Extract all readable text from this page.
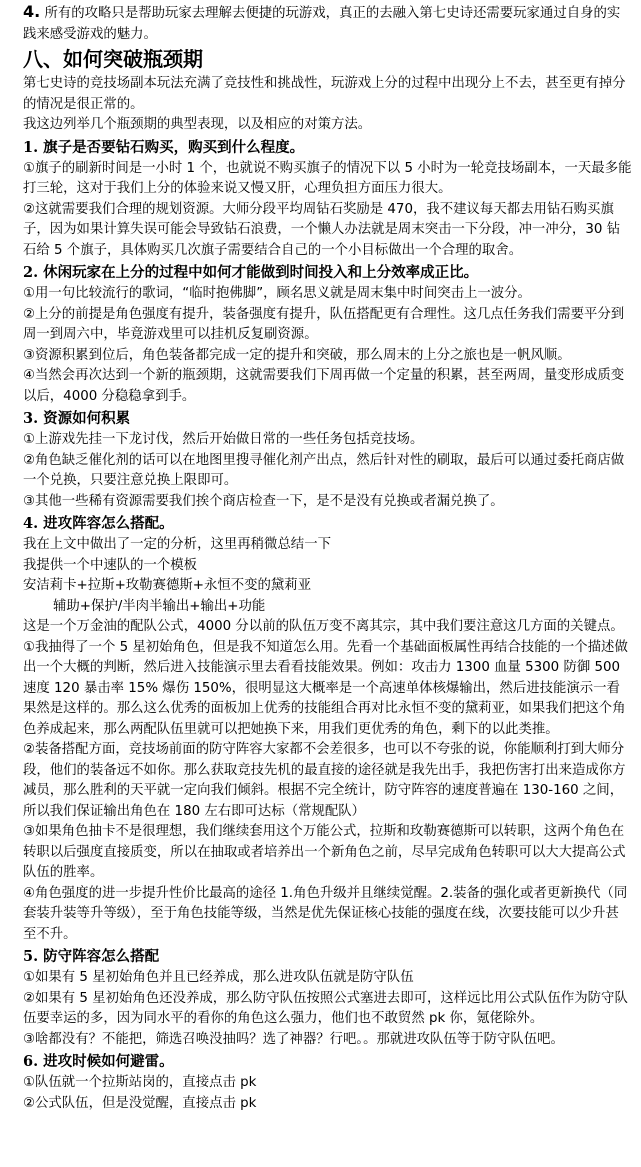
4. 所有的攻略只是帮助玩家去理解去便捷的玩游戏，真正的去融入第七史诗还需要玩家通过自身的实践来感受游戏的魅力。

八、如何突破瓶颈期

第七史诗的竞技场副本玩法充满了竞技性和挑战性，玩游戏上分的过程中出现分上不去，甚至更有掉分的情况是很正常的。

我这边列举几个瓶颈期的典型表现，以及相应的对策方法。

1. 旗子是否要钻石购买，购买到什么程度。

①旗子的刷新时间是一小时 1 个，也就说不购买旗子的情况下以 5 小时为一轮竞技场副本，一天最多能打三轮，这对于我们上分的体验来说又慢又肝，心理负担方面压力很大。

②这就需要我们合理的规划资源。大师分段平均周钻石奖励是 470，我不建议每天都去用钻石购买旗子，因为如果计算失误可能会导致钻石浪费，一个懒人办法就是周末突击一下分段，冲一冲分，30 钻石给 5 个旗子，具体购买几次旗子需要结合自己的一个小目标做出一个合理的取舍。

2. 休闲玩家在上分的过程中如何才能做到时间投入和上分效率成正比。

①用一句比较流行的歌词，“临时抱佛脚”，顾名思义就是周末集中时间突击上一波分。

②上分的前提是角色强度有提升，装备强度有提升，队伍搭配更有合理性。这几点任务我们需要平分到周一到周六中，毕竟游戏里可以挂机反复刷资源。

③资源积累到位后，角色装备都完成一定的提升和突破，那么周末的上分之旅也是一帆风顺。

④当然会再次达到一个新的瓶颈期，这就需要我们下周再做一个定量的积累，甚至两周，量变形成质变以后，4000 分稳稳拿到手。

3. 资源如何积累

①上游戏先挂一下龙讨伐，然后开始做日常的一些任务包括竞技场。

②角色缺乏催化剂的话可以在地图里搜寻催化剂产出点，然后针对性的刷取，最后可以通过委托商店做一个兑换，只要注意兑换上限即可。

③其他一些稀有资源需要我们挨个商店检查一下，是不是没有兑换或者漏兑换了。

4. 进攻阵容怎么搭配。

我在上文中做出了一定的分析，这里再稍微总结一下

我提供一个中速队的一个模板

安洁莉卡+拉斯+玫勒赛德斯+永恒不变的黛莉亚

辅助+保护/半肉半输出+输出+功能

这是一个万金油的配队公式，4000 分以前的队伍万变不离其宗，其中我们要注意这几方面的关键点。

①我抽得了一个 5 星初始角色，但是我不知道怎么用。先看一个基础面板属性再结合技能的一个描述做出一个大概的判断，然后进入技能演示里去看看技能效果。例如：攻击力 1300 血量 5300 防御 500 速度 120 暴击率 15% 爆伤 150%，很明显这大概率是一个高速单体核爆输出，然后进技能演示一看果然是这样的。那么这么优秀的面板加上优秀的技能组合再对比永恒不变的黛莉亚，如果我们把这个角色养成起来，那么两配队伍里就可以把她换下来，用我们更优秀的角色，剩下的以此类推。

②装备搭配方面，竞技场前面的防守阵容大家都不会差很多，也可以不夸张的说，你能顺利打到大师分段，他们的装备远不如你。那么获取竞技先机的最直接的途径就是我先出手，我把伤害打出来造成你方减员，那么胜利的天平就一定向我们倾斜。根据不完全统计，防守阵容的速度普遍在 130-160 之间，所以我们保证输出角色在 180 左右即可达标（常规配队）

③如果角色抽卡不是很理想，我们继续套用这个万能公式，拉斯和玫勒赛德斯可以转职，这两个角色在转职以后强度直接质变，所以在抽取或者培养出一个新角色之前，尽早完成角色转职可以大大提高公式队伍的胜率。

④角色强度的进一步提升性价比最高的途径 1.角色升级并且继续觉醒。2.装备的强化或者更新换代（同套装升装等升等级），至于角色技能等级，当然是优先保证核心技能的强度在线，次要技能可以少升甚至不升。

5. 防守阵容怎么搭配

①如果有 5 星初始角色并且已经养成，那么进攻队伍就是防守队伍

②如果有 5 星初始角色还没养成，那么防守队伍按照公式塞进去即可，这样远比用公式队伍作为防守队伍要幸运的多，因为同水平的看你的角色这么强力，他们也不敢贸然 pk 你，氪佬除外。

③啥都没有？不能把，筛选召唤没抽吗？选了神器？行吧。。那就进攻队伍等于防守队伍吧。

6. 进攻时候如何避雷。

①队伍就一个拉斯站岗的，直接点击 pk

②公式队伍，但是没觉醒，直接点击 pk
